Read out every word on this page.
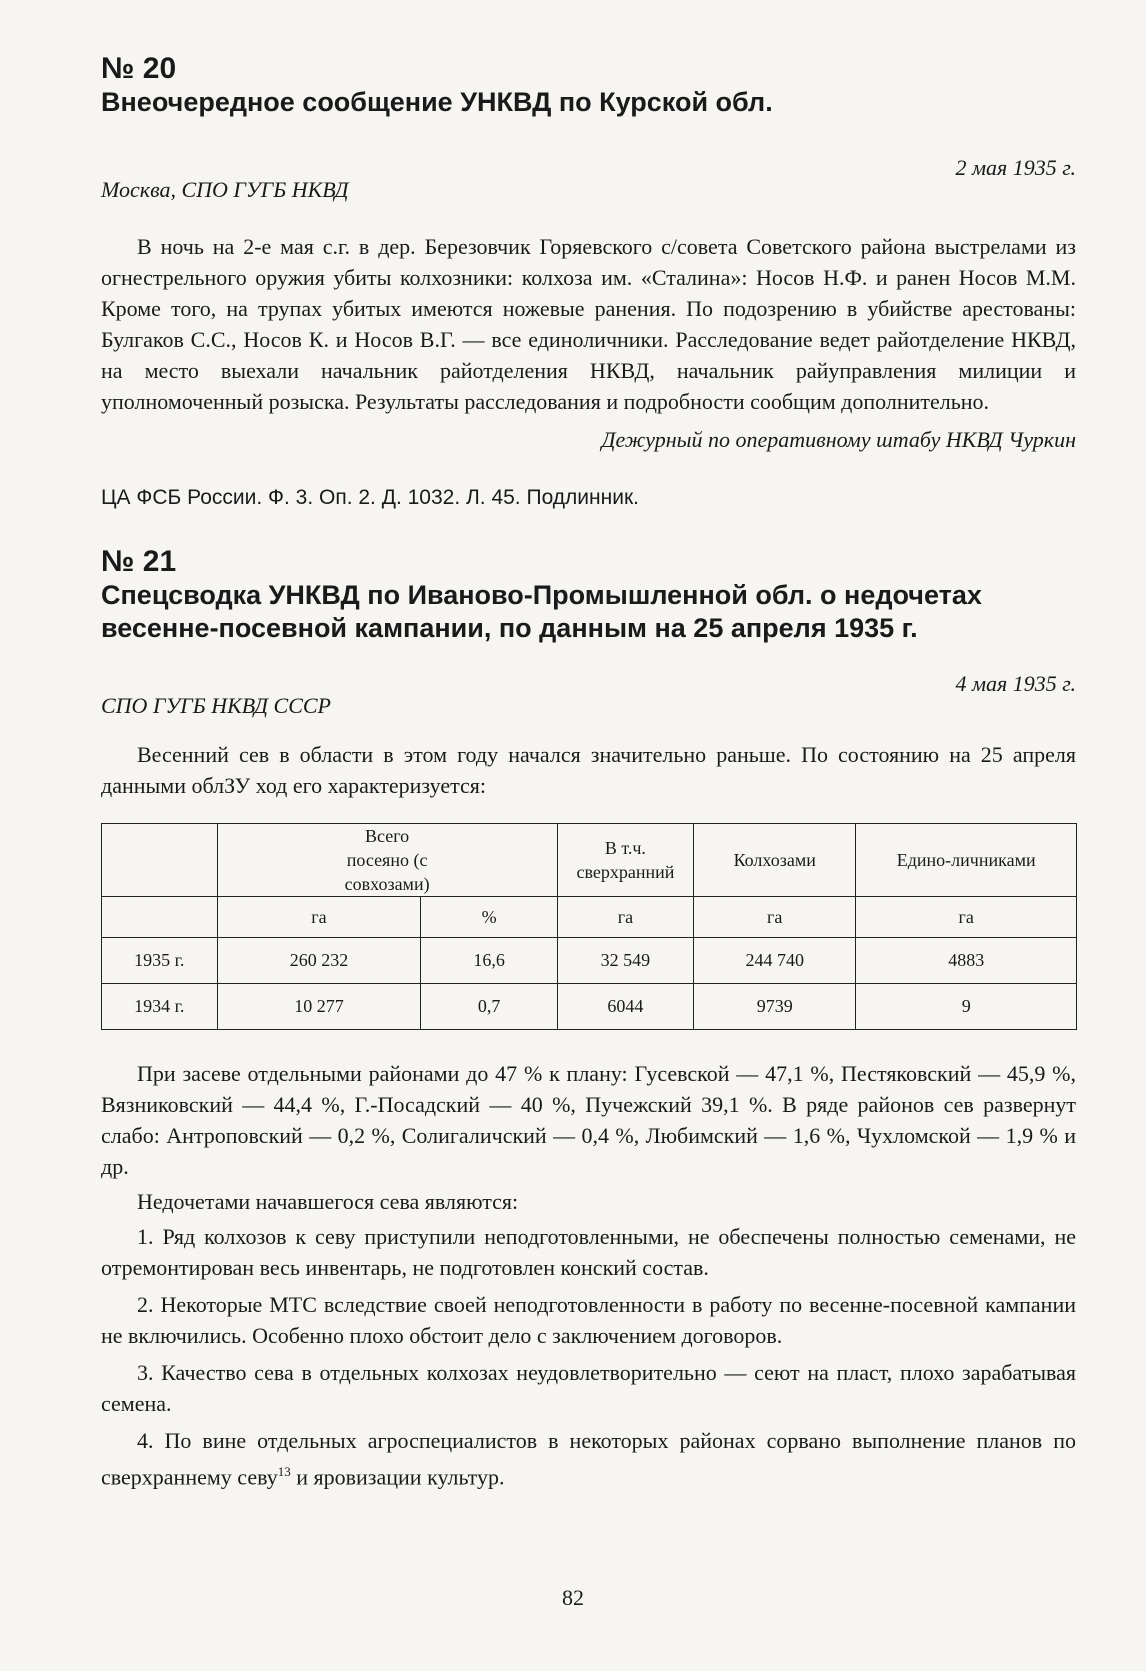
№ 20

Внеочередное сообщение УНКВД по Курской обл.

2 мая 1935 г.

Москва, СПО ГУГБ НКВД

В ночь на 2-е мая с.г. в дер. Березовчик Горяевского с/совета Советского района выстрелами из огнестрельного оружия убиты колхозники: колхоза им. «Сталина»: Носов Н.Ф. и ранен Носов М.М. Кроме того, на трупах убитых имеются ножевые ранения. По подозрению в убийстве арестованы: Булгаков С.С., Носов К. и Носов В.Г. — все единоличники. Расследование ведет райотделение НКВД, на место выехали начальник райотделения НКВД, начальник райуправления милиции и уполномоченный розыска. Результаты расследования и подробности сообщим дополнительно.

Дежурный по оперативному штабу НКВД Чуркин

ЦА ФСБ России. Ф. 3. Оп. 2. Д. 1032. Л. 45. Подлинник.

№ 21

Спецсводка УНКВД по Иваново-Промышленной обл. о недочетах весенне-посевной кампании, по данным на 25 апреля 1935 г.

4 мая 1935 г.

СПО ГУГБ НКВД СССР

Весенний сев в области в этом году начался значительно раньше. По состоянию на 25 апреля данными облЗУ ход его характеризуется:

	Всего посеяно (с совхозами)		В т.ч. сверхранний	Колхозами	Едино-личниками
	га	%	га	га	га
1935 г.	260 232	16,6	32 549	244 740	4883
1934 г.	10 277	0,7	6044	9739	9

При засеве отдельными районами до 47 % к плану: Гусевской — 47,1 %, Пестяковский — 45,9 %, Вязниковский — 44,4 %, Г.-Посадский — 40 %, Пучежский 39,1 %. В ряде районов сев развернут слабо: Антроповский — 0,2 %, Солигаличский — 0,4 %, Любимский — 1,6 %, Чухломской — 1,9 % и др.

Недочетами начавшегося сева являются:

1. Ряд колхозов к севу приступили неподготовленными, не обеспечены полностью семенами, не отремонтирован весь инвентарь, не подготовлен конский состав.

2. Некоторые МТС вследствие своей неподготовленности в работу по весенне-посевной кампании не включились. Особенно плохо обстоит дело с заключением договоров.

3. Качество сева в отдельных колхозах неудовлетворительно — сеют на пласт, плохо зарабатывая семена.

4. По вине отдельных агроспециалистов в некоторых районах сорвано выполнение планов по сверхраннему севу$^{13}$ и яровизации культур.

82
